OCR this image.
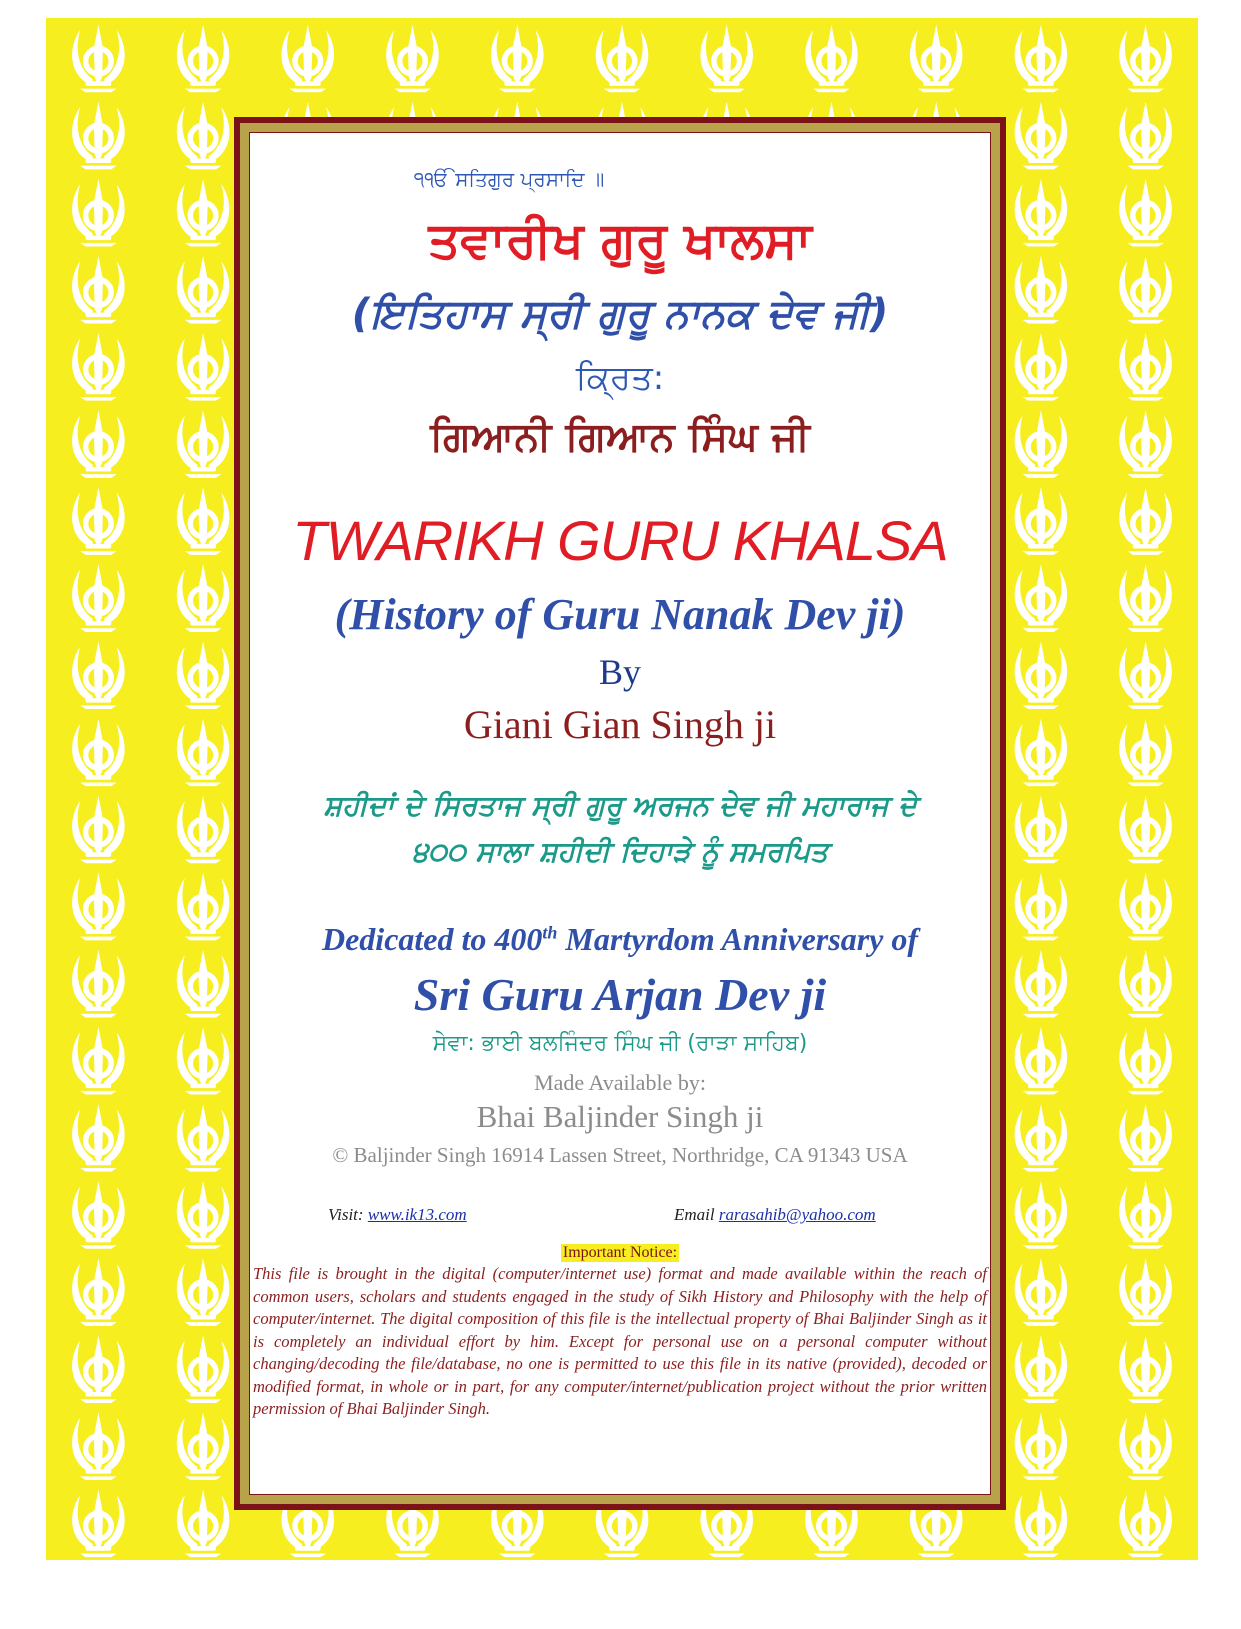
੧ੴ ਸਤਿਗੁਰ ਪ੍ਰਸਾਦਿ ॥
ਤਵਾਰੀਖ ਗੁਰੂ ਖਾਲਸਾ
(ਇਤਿਹਾਸ ਸ੍ਰੀ ਗੁਰੂ ਨਾਨਕ ਦੇਵ ਜੀ)
ਕ੍ਰਿਤ:
ਗਿਆਨੀ ਗਿਆਨ ਸਿੰਘ ਜੀ
TWARIKH GURU KHALSA
(History of Guru Nanak Dev ji)
By
Giani Gian Singh ji
ਸ਼ਹੀਦਾਂ ਦੇ ਸਿਰਤਾਜ ਸ੍ਰੀ ਗੁਰੂ ਅਰਜਨ ਦੇਵ ਜੀ ਮਹਾਰਾਜ ਦੇ
੪੦੦ ਸਾਲਾ ਸ਼ਹੀਦੀ ਦਿਹਾੜੇ ਨੂੰ ਸਮਰਪਿਤ
Dedicated to 400th Martyrdom Anniversary of
Sri Guru Arjan Dev ji
ਸੇਵਾ: ਭਾਈ ਬਲਜਿੰਦਰ ਸਿੰਘ ਜੀ (ਰਾੜਾ ਸਾਹਿਬ)
Made Available by:
Bhai Baljinder Singh ji
© Baljinder Singh 16914 Lassen Street, Northridge, CA 91343 USA
Visit: www.ik13.com	Email rarasahib@yahoo.com
Important Notice:
This file is brought in the digital (computer/internet use) format and made available within the reach of common users, scholars and students engaged in the study of Sikh History and Philosophy with the help of computer/internet. The digital composition of this file is the intellectual property of Bhai Baljinder Singh as it is completely an individual effort by him. Except for personal use on a personal computer without changing/decoding the file/database, no one is permitted to use this file in its native (provided), decoded or modified format, in whole or in part, for any computer/internet/publication project without the prior written permission of Bhai Baljinder Singh.
